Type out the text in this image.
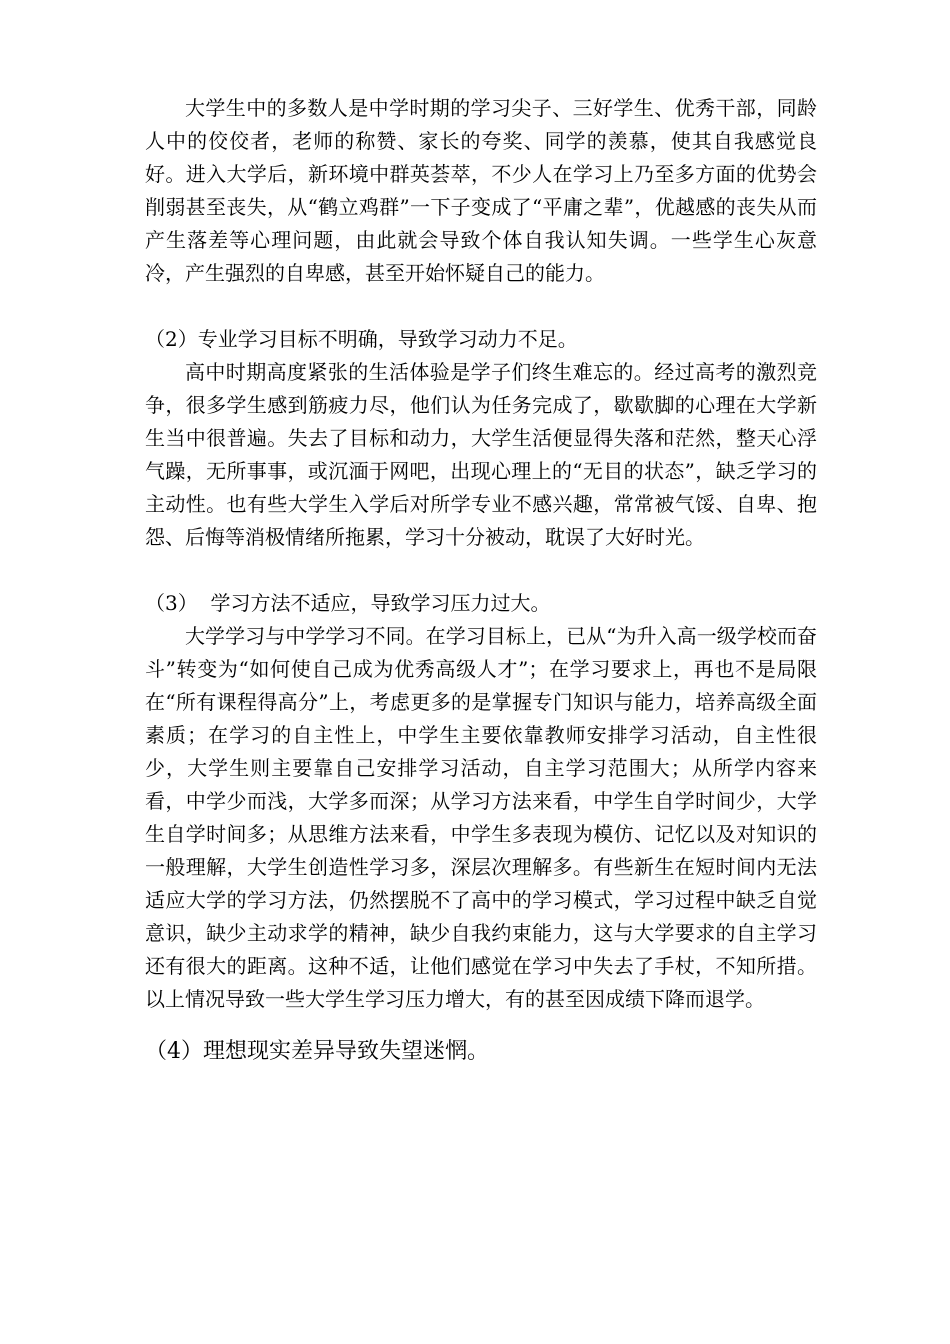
大学生中的多数人是中学时期的学习尖子、三好学生、优秀干部，同龄人中的佼佼者，老师的称赞、家长的夸奖、同学的羡慕，使其自我感觉良好。进入大学后，新环境中群英荟萃，不少人在学习上乃至多方面的优势会削弱甚至丧失，从“鹤立鸡群”一下子变成了“平庸之辈”，优越感的丧失从而产生落差等心理问题，由此就会导致个体自我认知失调。一些学生心灰意冷，产生强烈的自卑感，甚至开始怀疑自己的能力。

（2）专业学习目标不明确，导致学习动力不足。

高中时期高度紧张的生活体验是学子们终生难忘的。经过高考的激烈竞争，很多学生感到筋疲力尽，他们认为任务完成了，歇歇脚的心理在大学新生当中很普遍。失去了目标和动力，大学生活便显得失落和茫然，整天心浮气躁，无所事事，或沉湎于网吧，出现心理上的“无目的状态”，缺乏学习的主动性。也有些大学生入学后对所学专业不感兴趣，常常被气馁、自卑、抱怨、后悔等消极情绪所拖累，学习十分被动，耽误了大好时光。

（3）  学习方法不适应，导致学习压力过大。

大学学习与中学学习不同。在学习目标上，已从“为升入高一级学校而奋斗”转变为“如何使自己成为优秀高级人才”；在学习要求上，再也不是局限在“所有课程得高分”上，考虑更多的是掌握专门知识与能力，培养高级全面素质；在学习的自主性上，中学生主要依靠教师安排学习活动，自主性很少，大学生则主要靠自己安排学习活动，自主学习范围大；从所学内容来看，中学少而浅，大学多而深；从学习方法来看，中学生自学时间少，大学生自学时间多；从思维方法来看，中学生多表现为模仿、记忆以及对知识的一般理解，大学生创造性学习多，深层次理解多。有些新生在短时间内无法适应大学的学习方法，仍然摆脱不了高中的学习模式，学习过程中缺乏自觉意识，缺少主动求学的精神，缺少自我约束能力，这与大学要求的自主学习还有很大的距离。这种不适，让他们感觉在学习中失去了手杖，不知所措。以上情况导致一些大学生学习压力增大，有的甚至因成绩下降而退学。

（4）理想现实差异导致失望迷惘。
